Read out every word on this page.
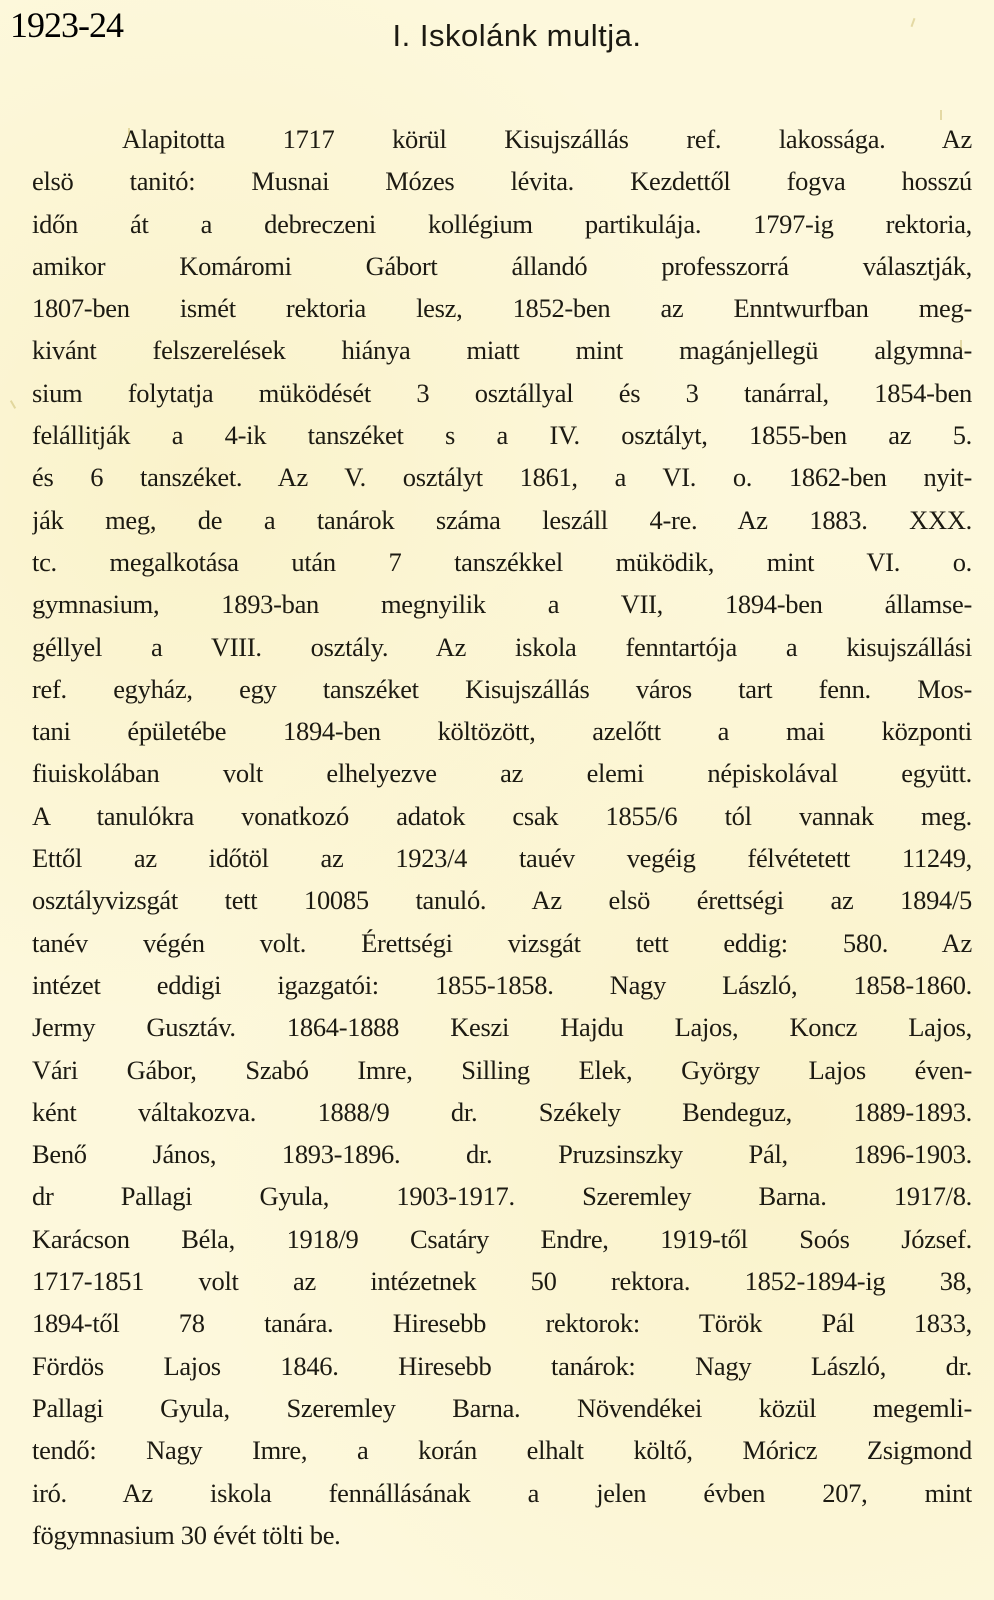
1923-24	I. Iskolánk multja.
Alapitotta 1717 körül Kisujszállás ref. lakossága. Az
elsö tanitó: Musnai Mózes lévita. Kezdettől fogva hosszú
időn át a debreczeni kollégium partikulája. 1797-ig rektoria,
amikor Komáromi Gábort állandó professzorrá választják,
1807-ben ismét rektoria lesz, 1852-ben az Enntwurfban meg-
kivánt felszerelések hiánya miatt mint magánjellegü algymna-
sium folytatja müködését 3 osztállyal és 3 tanárral, 1854-ben
felállitják a 4-ik tanszéket s a IV. osztályt, 1855-ben az 5.
és 6 tanszéket. Az V. osztályt 1861, a VI. o. 1862-ben nyit-
ják meg, de a tanárok száma leszáll 4-re. Az 1883. XXX.
tc. megalkotása után 7 tanszékkel müködik, mint VI. o.
gymnasium, 1893-ban megnyilik a VII, 1894-ben államse-
géllyel a VIII. osztály. Az iskola fenntartója a kisujszállási
ref. egyház, egy tanszéket Kisujszállás város tart fenn. Mos-
tani épületébe 1894-ben költözött, azelőtt a mai központi
fiuiskolában volt elhelyezve az elemi népiskolával együtt.
A tanulókra vonatkozó adatok csak 1855/6 tól vannak meg.
Ettől az időtöl az 1923/4 tauév vegéig félvétetett 11249,
osztályvizsgát tett 10085 tanuló. Az elsö érettségi az 1894/5
tanév végén volt. Érettségi vizsgát tett eddig: 580. Az
intézet eddigi igazgatói: 1855-1858. Nagy László, 1858-1860.
Jermy Gusztáv. 1864-1888 Keszi Hajdu Lajos, Koncz Lajos,
Vári Gábor, Szabó Imre, Silling Elek, György Lajos éven-
ként váltakozva. 1888/9 dr. Székely Bendeguz, 1889-1893.
Benő János, 1893-1896. dr. Pruzsinszky Pál, 1896-1903.
dr Pallagi Gyula, 1903-1917. Szeremley Barna. 1917/8.
Karácson Béla, 1918/9 Csatáry Endre, 1919-től Soós József.
1717-1851 volt az intézetnek 50 rektora. 1852-1894-ig 38,
1894-től 78 tanára. Hiresebb rektorok: Török Pál 1833,
Fördös Lajos 1846. Hiresebb tanárok: Nagy László, dr.
Pallagi Gyula, Szeremley Barna. Növendékei közül megemli-
tendő: Nagy Imre, a korán elhalt költő, Móricz Zsigmond
iró. Az iskola fennállásának a jelen évben 207, mint
fögymnasium 30 évét tölti be.
